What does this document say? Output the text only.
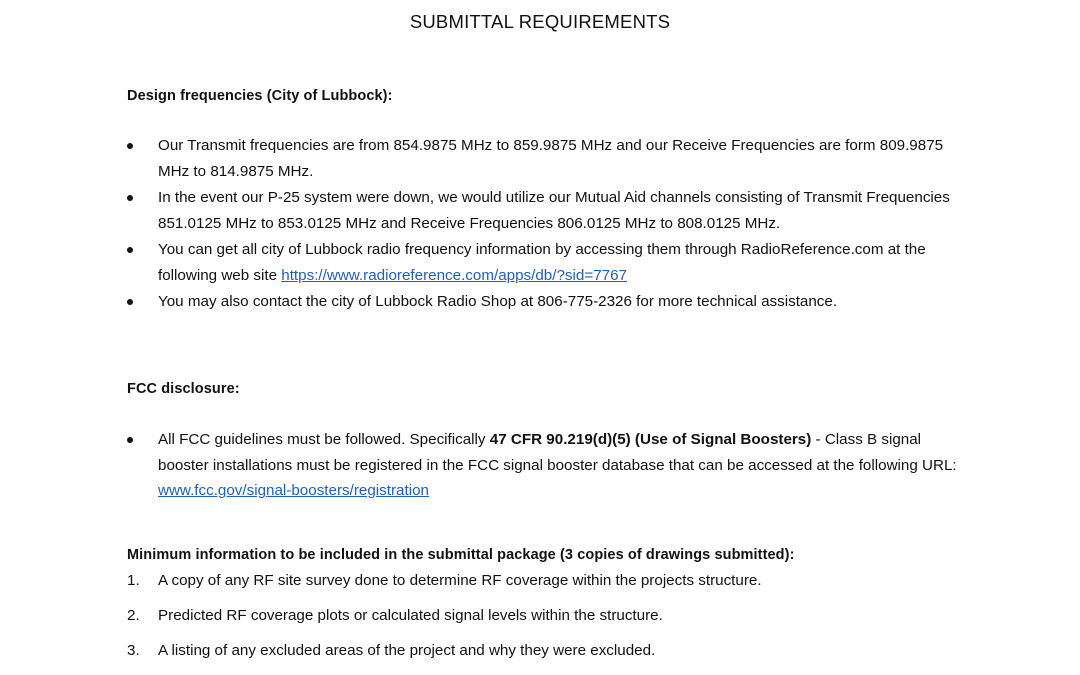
SUBMITTAL REQUIREMENTS
Design frequencies (City of Lubbock):
Our Transmit frequencies are from 854.9875 MHz to 859.9875 MHz and our Receive Frequencies are form 809.9875 MHz to 814.9875 MHz.
In the event our P-25 system were down, we would utilize our Mutual Aid channels consisting of Transmit Frequencies 851.0125 MHz to 853.0125 MHz and Receive Frequencies 806.0125 MHz to 808.0125 MHz.
You can get all city of Lubbock radio frequency information by accessing them through RadioReference.com at the following web site https://www.radioreference.com/apps/db/?sid=7767
You may also contact the city of Lubbock Radio Shop at 806-775-2326 for more technical assistance.
FCC disclosure:
All FCC guidelines must be followed. Specifically 47 CFR 90.219(d)(5) (Use of Signal Boosters) - Class B signal booster installations must be registered in the FCC signal booster database that can be accessed at the following URL: www.fcc.gov/signal-boosters/registration
Minimum information to be included in the submittal package (3 copies of drawings submitted):
1. A copy of any RF site survey done to determine RF coverage within the projects structure.
2. Predicted RF coverage plots or calculated signal levels within the structure.
3. A listing of any excluded areas of the project and why they were excluded.
